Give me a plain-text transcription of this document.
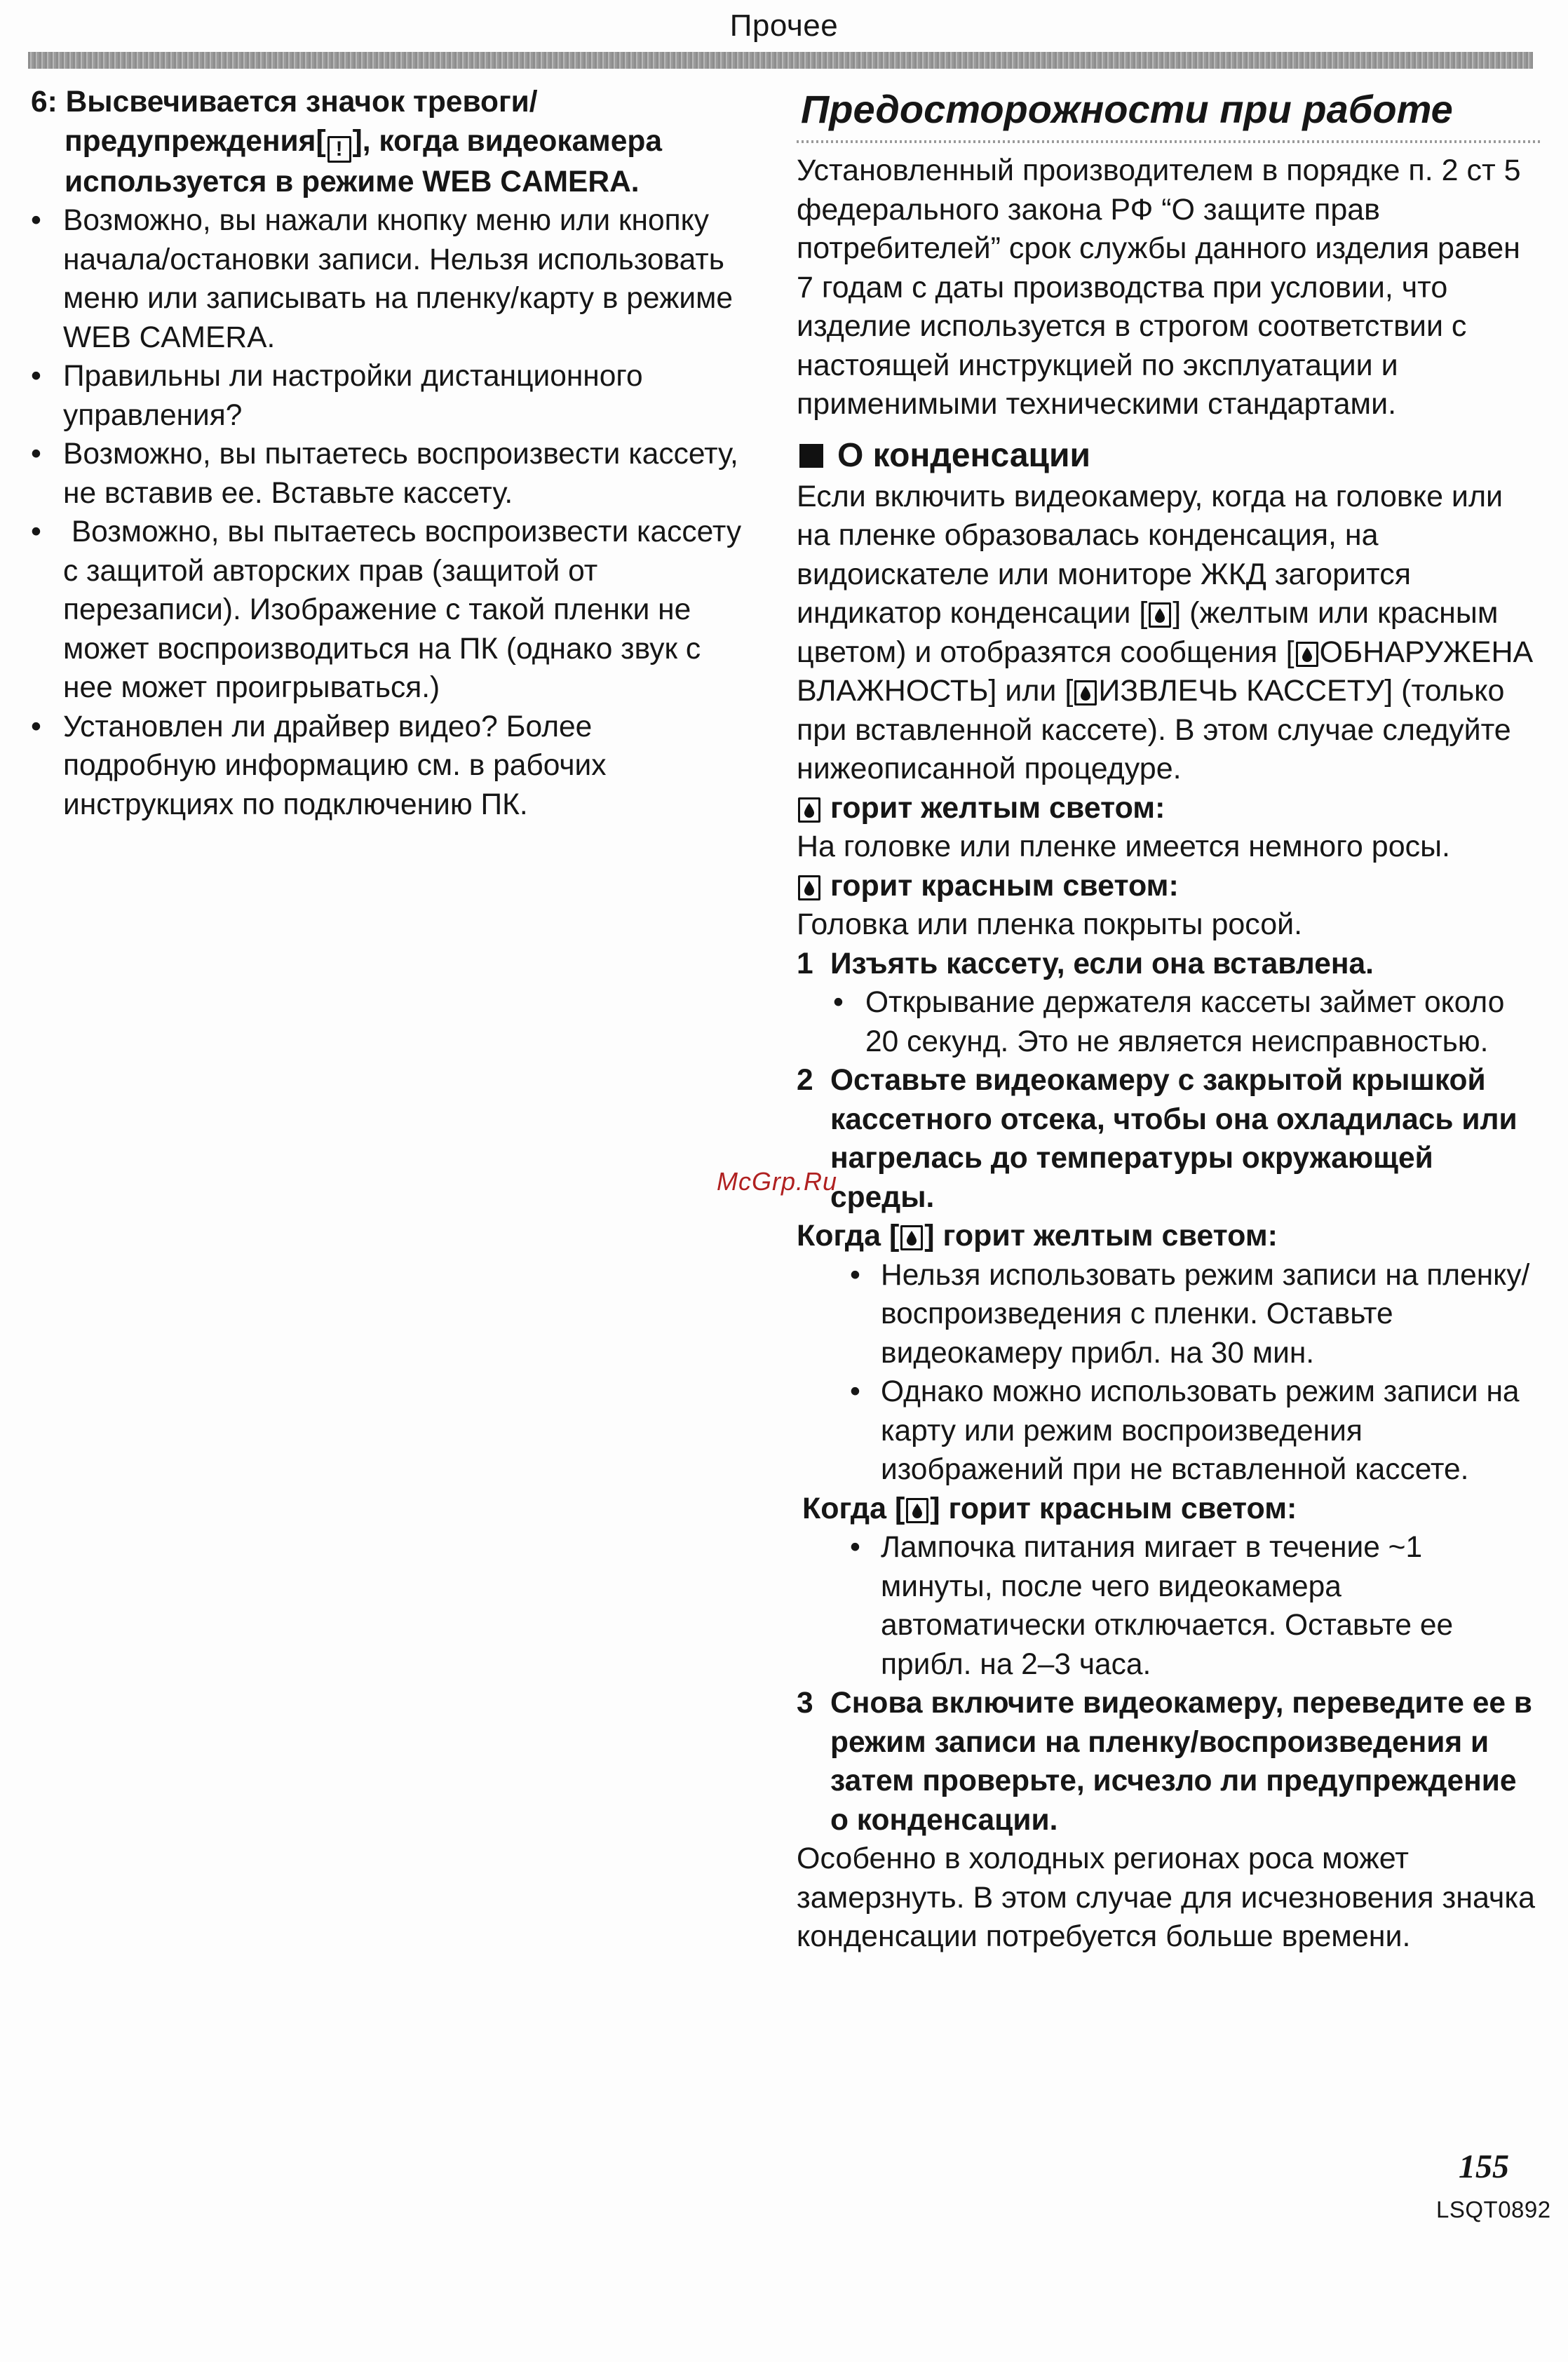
Прочее
6: Высвечивается значок тревоги/ предупреждения[ ! ], когда видеокамера используется в режиме WEB CAMERA.
• Возможно, вы нажали кнопку меню или кнопку начала/остановки записи. Нельзя использовать меню или записывать на пленку/карту в режиме WEB CAMERA.
• Правильны ли настройки дистанционного управления?
• Возможно, вы пытаетесь воспроизвести кассету, не вставив ее. Вставьте кассету.
•  Возможно, вы пытаетесь воспроизвести кассету с защитой авторских прав (защитой от перезаписи). Изображение с такой пленки не может воспроизводиться на ПК (однако звук с нее может проигрываться.)
• Установлен ли драйвер видео? Более подробную информацию см. в рабочих инструкциях по подключению ПК.
Предосторожности при работе
Установленный производителем в порядке п. 2 ст 5 федерального закона РФ “О защите прав потребителей” срок службы данного изделия равен 7 годам с даты производства при условии, что изделие используется в строгом соответствии с настоящей инструкцией по эксплуатации и применимыми техническими стандартами.
О конденсации
Если включить видеокамеру, когда на головке или на пленке образовалась конденсация, на видоискателе или мониторе ЖКД загорится индикатор конденсации [ ] (желтым или красным цветом) и отобразятся сообщения [ ОБНАРУЖЕНА ВЛАЖНОСТЬ] или [ ИЗВЛЕЧЬ КАССЕТУ] (только при вставленной кассете). В этом случае следуйте нижеописанной процедуре.
горит желтым светом:
На головке или пленке имеется немного росы.
горит красным светом:
Головка или пленка покрыты росой.
1 Изъять кассету, если она вставлена.
• Открывание держателя кассеты займет около 20 секунд. Это не является неисправностью.
2 Оставьте видеокамеру с закрытой крышкой кассетного отсека, чтобы она охладилась или нагрелась до температуры окружающей среды.
Когда [ ] горит желтым светом:
• Нельзя использовать режим записи на пленку/воспроизведения с пленки. Оставьте видеокамеру прибл. на 30 мин.
• Однако можно использовать режим записи на карту или режим воспроизведения изображений при не вставленной кассете.
Когда [ ] горит красным светом:
• Лампочка питания мигает в течение ~1 минуты, после чего видеокамера автоматически отключается. Оставьте ее прибл. на 2–3 часа.
3 Снова включите видеокамеру, переведите ее в режим записи на пленку/воспроизведения и затем проверьте, исчезло ли предупреждение о конденсации.
Особенно в холодных регионах роса может замерзнуть. В этом случае для исчезновения значка конденсации потребуется больше времени.
McGrp.Ru
155
LSQT0892
